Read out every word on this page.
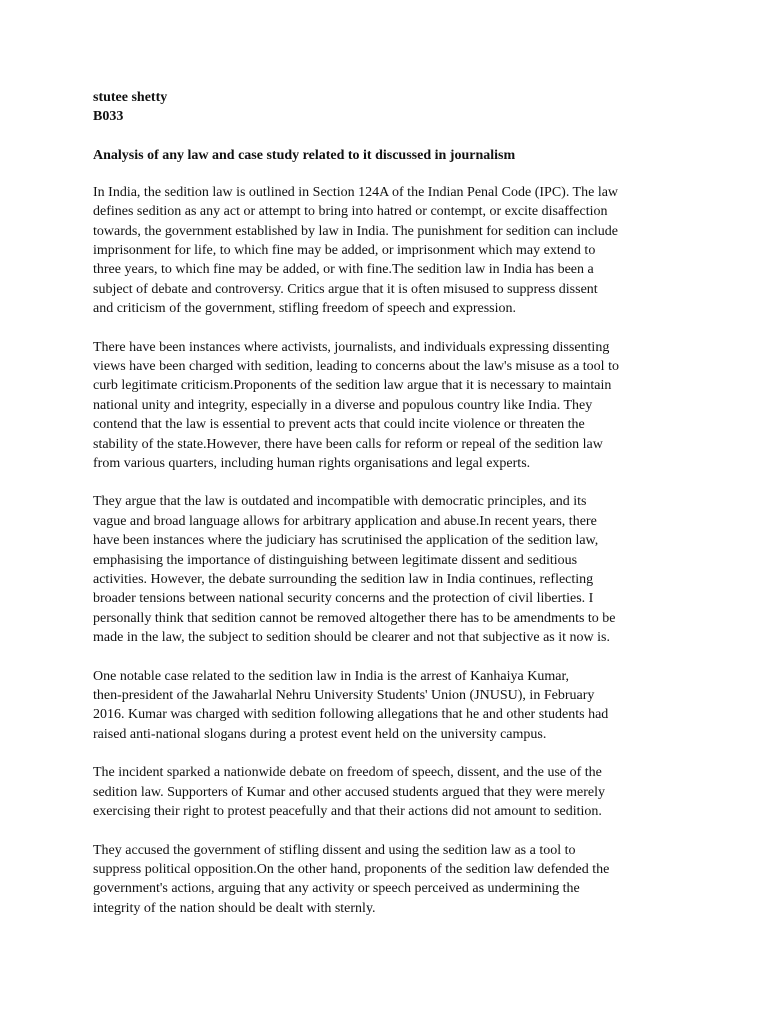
stutee shetty

B033

Analysis of any law and case study related to it discussed in journalism

In India, the sedition law is outlined in Section 124A of the Indian Penal Code (IPC). The law
defines sedition as any act or attempt to bring into hatred or contempt, or excite disaffection
towards, the government established by law in India. The punishment for sedition can include
imprisonment for life, to which fine may be added, or imprisonment which may extend to
three years, to which fine may be added, or with fine.The sedition law in India has been a
subject of debate and controversy. Critics argue that it is often misused to suppress dissent
and criticism of the government, stifling freedom of speech and expression.

There have been instances where activists, journalists, and individuals expressing dissenting
views have been charged with sedition, leading to concerns about the law's misuse as a tool to
curb legitimate criticism.Proponents of the sedition law argue that it is necessary to maintain
national unity and integrity, especially in a diverse and populous country like India. They
contend that the law is essential to prevent acts that could incite violence or threaten the
stability of the state.However, there have been calls for reform or repeal of the sedition law
from various quarters, including human rights organisations and legal experts.

They argue that the law is outdated and incompatible with democratic principles, and its
vague and broad language allows for arbitrary application and abuse.In recent years, there
have been instances where the judiciary has scrutinised the application of the sedition law,
emphasising the importance of distinguishing between legitimate dissent and seditious
activities. However, the debate surrounding the sedition law in India continues, reflecting
broader tensions between national security concerns and the protection of civil liberties. I
personally think that sedition cannot be removed altogether there has to be amendments to be
made in the law, the subject to sedition should be clearer and not that subjective as it now is.

One notable case related to the sedition law in India is the arrest of Kanhaiya Kumar,
then-president of the Jawaharlal Nehru University Students' Union (JNUSU), in February
2016. Kumar was charged with sedition following allegations that he and other students had
raised anti-national slogans during a protest event held on the university campus.

The incident sparked a nationwide debate on freedom of speech, dissent, and the use of the
sedition law. Supporters of Kumar and other accused students argued that they were merely
exercising their right to protest peacefully and that their actions did not amount to sedition.

They accused the government of stifling dissent and using the sedition law as a tool to
suppress political opposition.On the other hand, proponents of the sedition law defended the
government's actions, arguing that any activity or speech perceived as undermining the
integrity of the nation should be dealt with sternly.
